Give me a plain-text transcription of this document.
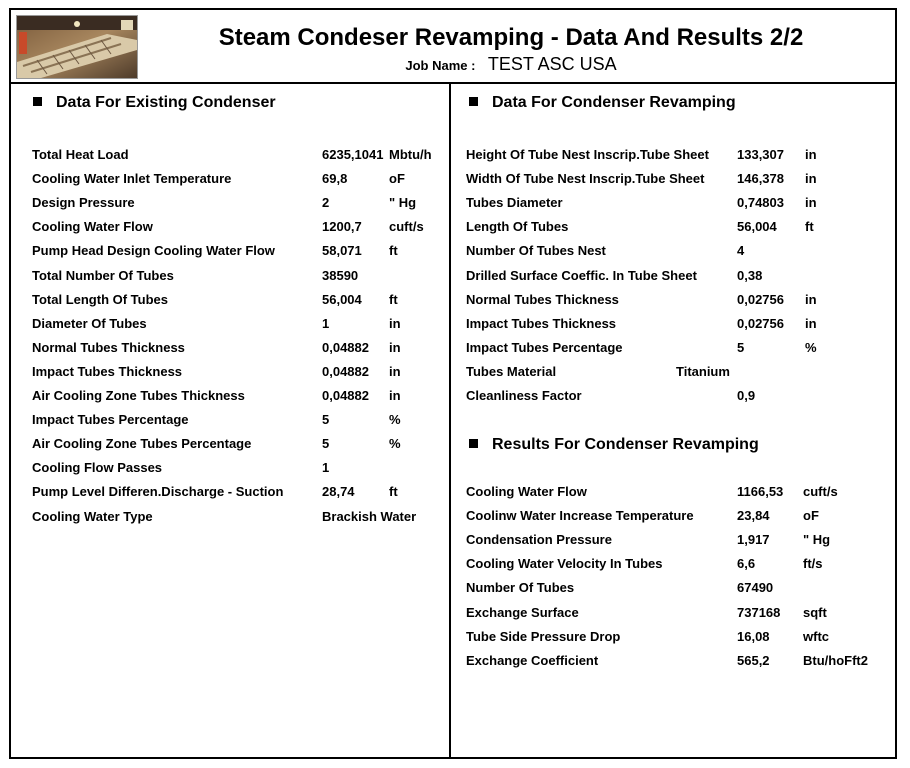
Steam Condeser Revamping - Data And Results 2/2
Job Name : TEST ASC USA
Data For Existing Condenser	Data For Condenser Revamping
Results For Condenser Revamping
Total Heat Load	6235,1041 Mbtu/h
Cooling Water Inlet Temperature	69,8	oF
Design Pressure	2	" Hg
Cooling Water Flow	1200,7 cuft/s
Pump Head Design Cooling Water Flow	58,071 ft
Total Number Of Tubes	38590
Total Length Of Tubes	56,004 ft
Diameter Of Tubes	1	in
Normal Tubes Thickness	0,04882 in
Impact Tubes Thickness	0,04882 in
Air Cooling Zone Tubes Thickness	0,04882 in
Impact Tubes Percentage	5	%
Air Cooling Zone Tubes Percentage	5	%
Cooling Flow Passes	1
Pump Level Differen.Discharge - Suction	28,74	ft
Cooling Water Type	Brackish Water
Height Of Tube Nest Inscrip.Tube Sheet 133,307 in
Width Of Tube Nest Inscrip.Tube Sheet	146,378 in
Tubes Diameter	0,74803 in
Length Of Tubes	56,004 ft
Number Of Tubes Nest	4
Drilled Surface Coeffic. In Tube Sheet	0,38
Normal Tubes Thickness	0,02756 in
Impact Tubes Thickness	0,02756 in
Impact Tubes Percentage	5	%
Tubes Material	Titanium
Cleanliness Factor	0,9
Cooling Water Flow	1166,53 cuft/s
Coolinw Water Increase Temperature	23,84	oF
Condensation Pressure	1,917	" Hg
Cooling Water Velocity In Tubes	6,6	ft/s
Number Of Tubes	67490
Exchange Surface	737168 sqft
Tube Side Pressure Drop	16,08	wftc
Exchange Coefficient	565,2	Btu/hoFft2
